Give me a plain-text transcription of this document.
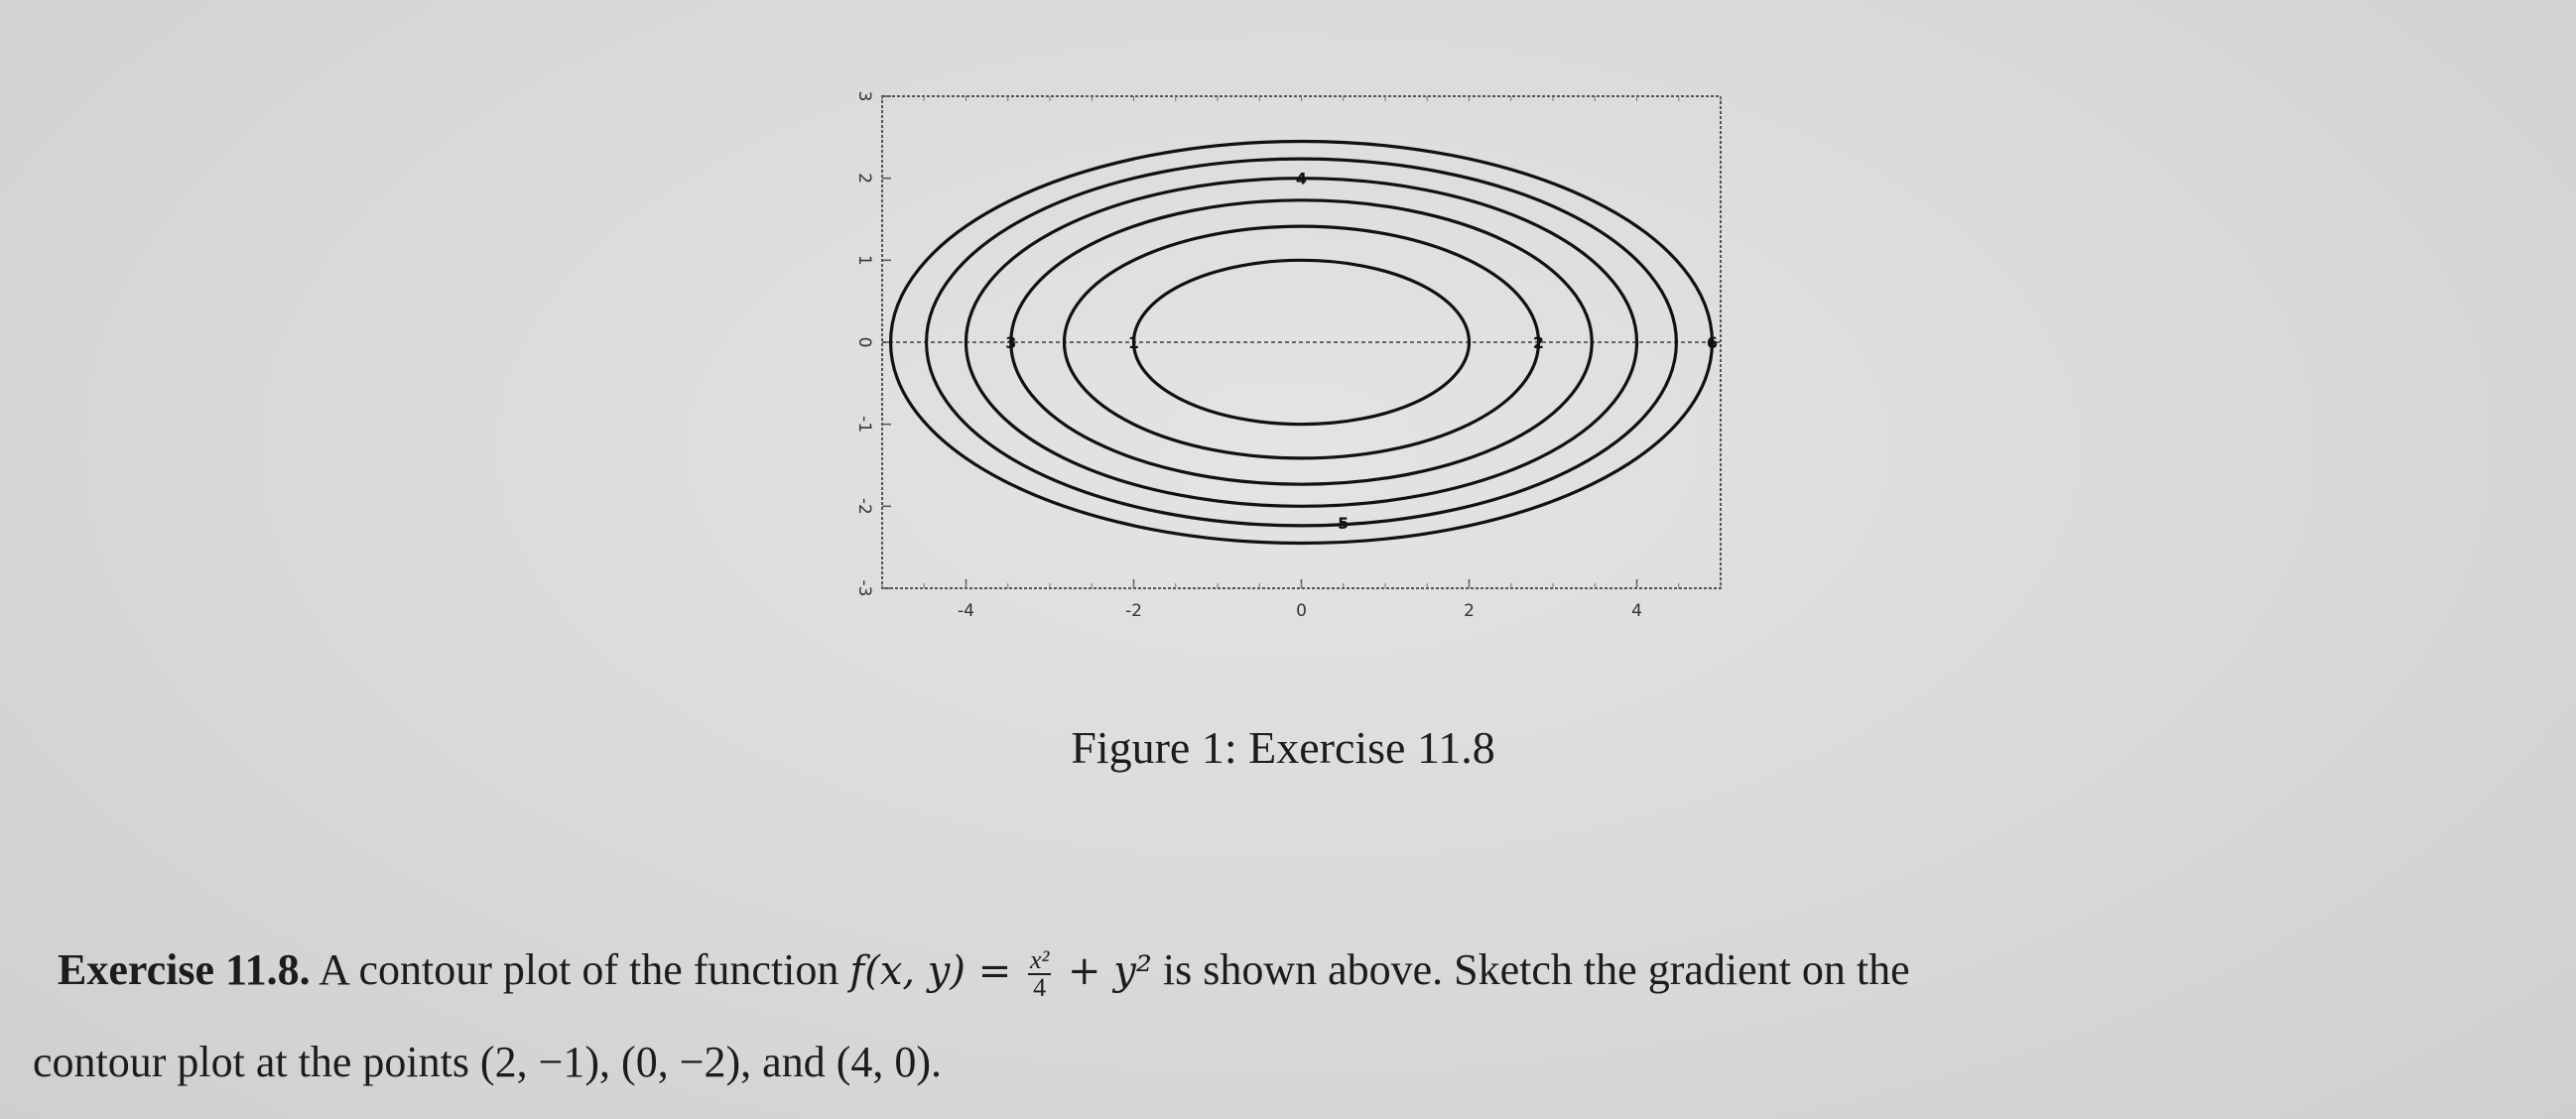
-4	-2	0	2	4
3
2
1
0
-1
-2
-3
4
3	1	2	6
5
Figure 1: Exercise 11.8
Exercise 11.8. A contour plot of the function f(x, $y) = \frac{\text{x²}}{4} + y^2$ is shown above. Sketch the gradient on the
contour plot at the points (2, −1), (0, −2), and (4, 0).
